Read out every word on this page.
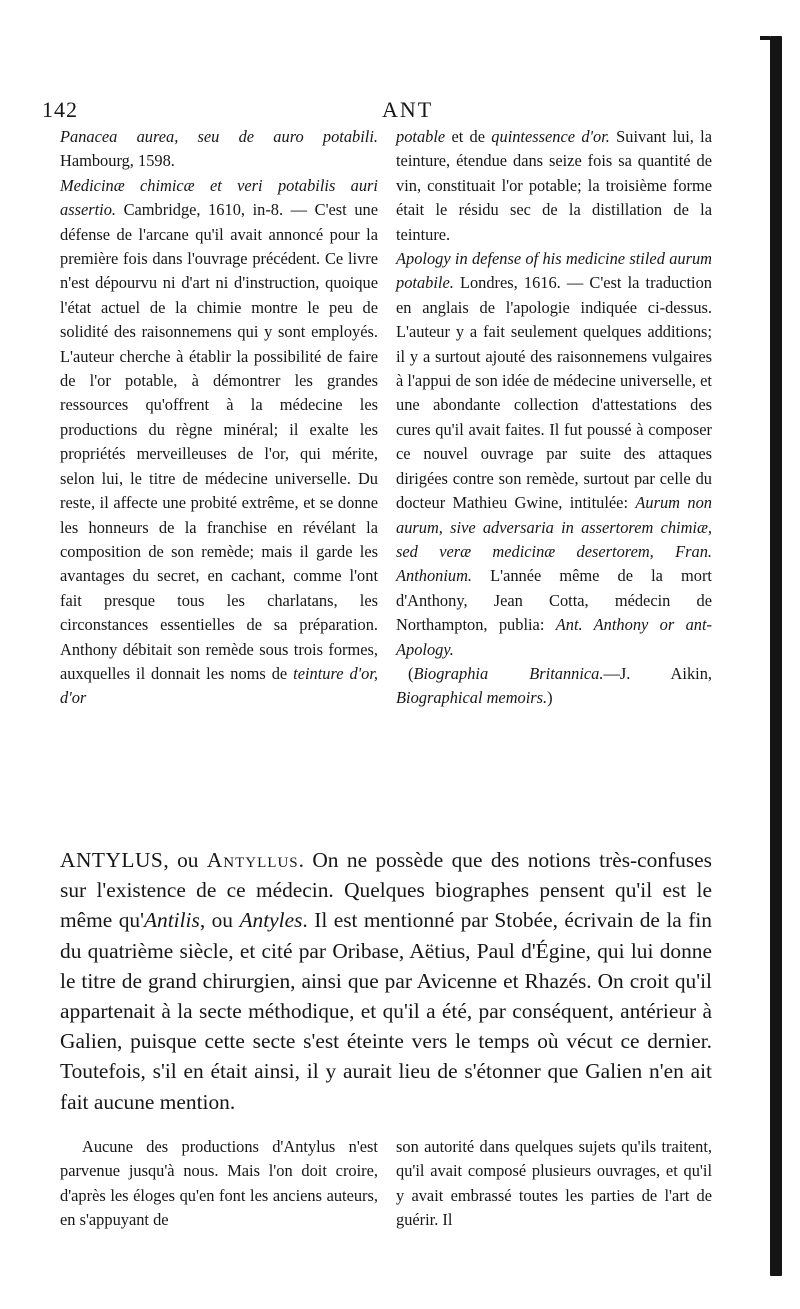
142	ANT

Panacea aurea, seu de auro potabili. Hambourg, 1598.

Medicinæ chimicæ et veri potabilis auri assertio. Cambridge, 1610, in-8. — C'est une défense de l'arcane qu'il avait annoncé pour la première fois dans l'ouvrage précédent. Ce livre n'est dépourvu ni d'art ni d'instruction, quoique l'état actuel de la chimie montre le peu de solidité des raisonnemens qui y sont employés. L'auteur cherche à établir la possibilité de faire de l'or potable, à démontrer les grandes ressources qu'offrent à la médecine les productions du règne minéral; il exalte les propriétés merveilleuses de l'or, qui mérite, selon lui, le titre de médecine universelle. Du reste, il affecte une probité extrême, et se donne les honneurs de la franchise en révélant la composition de son remède; mais il garde les avantages du secret, en cachant, comme l'ont fait presque tous les charlatans, les circonstances essentielles de sa préparation. Anthony débitait son remède sous trois formes, auxquelles il donnait les noms de teinture d'or, d'or

potable et de quintessence d'or. Suivant lui, la teinture, étendue dans seize fois sa quantité de vin, constituait l'or potable; la troisième forme était le résidu sec de la distillation de la teinture.

Apology in defense of his medicine stiled aurum potabile. Londres, 1616. — C'est la traduction en anglais de l'apologie indiquée ci-dessus. L'auteur y a fait seulement quelques additions; il y a surtout ajouté des raisonnemens vulgaires à l'appui de son idée de médecine universelle, et une abondante collection d'attestations des cures qu'il avait faites. Il fut poussé à composer ce nouvel ouvrage par suite des attaques dirigées contre son remède, surtout par celle du docteur Mathieu Gwine, intitulée: Aurum non aurum, sive adversaria in assertorem chimiæ, sed veræ medicinæ desertorem, Fran. Anthonium. L'année même de la mort d'Anthony, Jean Cotta, médecin de Northampton, publia: Ant. Anthony or ant-Apology.

(Biographia Britannica.—J. Aikin, Biographical memoirs.)

ANTYLUS, ou Antyllus. On ne possède que des notions très-confuses sur l'existence de ce médecin. Quelques biographes pensent qu'il est le même qu'Antilis, ou Antyles. Il est mentionné par Stobée, écrivain de la fin du quatrième siècle, et cité par Oribase, Aëtius, Paul d'Égine, qui lui donne le titre de grand chirurgien, ainsi que par Avicenne et Rhazés. On croit qu'il appartenait à la secte méthodique, et qu'il a été, par conséquent, antérieur à Galien, puisque cette secte s'est éteinte vers le temps où vécut ce dernier. Toutefois, s'il en était ainsi, il y aurait lieu de s'étonner que Galien n'en ait fait aucune mention.

Aucune des productions d'Antylus n'est parvenue jusqu'à nous. Mais l'on doit croire, d'après les éloges qu'en font les anciens auteurs, en s'appuyant de

son autorité dans quelques sujets qu'ils traitent, qu'il avait composé plusieurs ouvrages, et qu'il y avait embrassé toutes les parties de l'art de guérir. Il
